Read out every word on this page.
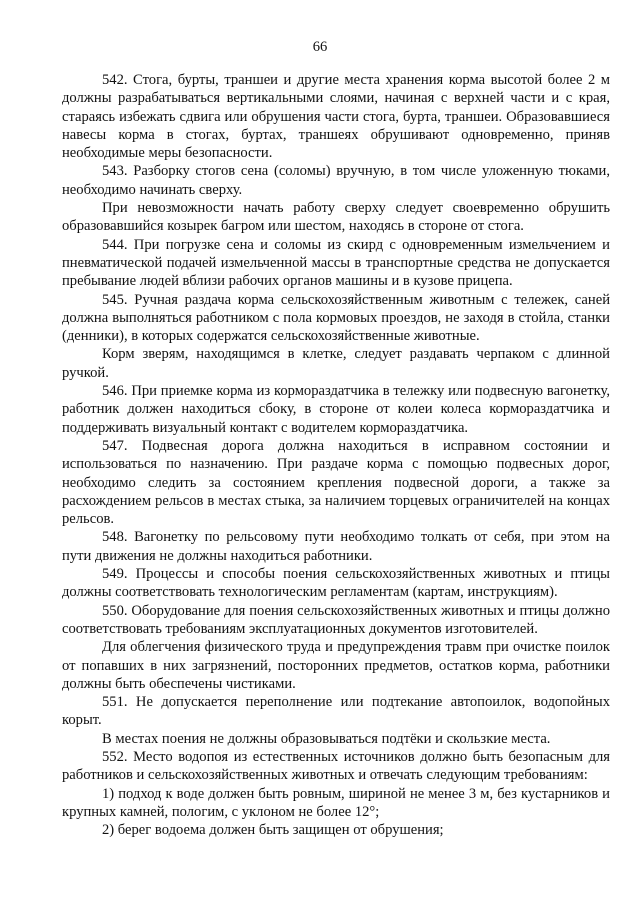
66

542. Стога, бурты, траншеи и другие места хранения корма высотой более 2 м должны разрабатываться вертикальными слоями, начиная с верхней части и с края, стараясь избежать сдвига или обрушения части стога, бурта, траншеи. Образовавшиеся навесы корма в стогах, буртах, траншеях обрушивают одновременно, приняв необходимые меры безопасности.

543. Разборку стогов сена (соломы) вручную, в том числе уложенную тюками, необходимо начинать сверху.

При невозможности начать работу сверху следует своевременно обрушить образовавшийся козырек багром или шестом, находясь в стороне от стога.

544. При погрузке сена и соломы из скирд с одновременным измельчением и пневматической подачей измельченной массы в транспортные средства не допускается пребывание людей вблизи рабочих органов машины и в кузове прицепа.

545. Ручная раздача корма сельскохозяйственным животным с тележек, саней должна выполняться работником с пола кормовых проездов, не заходя в стойла, станки (денники), в которых содержатся сельскохозяйственные животные.

Корм зверям, находящимся в клетке, следует раздавать черпаком с длинной ручкой.

546. При приемке корма из кормораздатчика в тележку или подвесную вагонетку, работник должен находиться сбоку, в стороне от колеи колеса кормораздатчика и поддерживать визуальный контакт с водителем кормораздатчика.

547. Подвесная дорога должна находиться в исправном состоянии и использоваться по назначению. При раздаче корма с помощью подвесных дорог, необходимо следить за состоянием крепления подвесной дороги, а также за расхождением рельсов в местах стыка, за наличием торцевых ограничителей на концах рельсов.

548. Вагонетку по рельсовому пути необходимо толкать от себя, при этом на пути движения не должны находиться работники.

549. Процессы и способы поения сельскохозяйственных животных и птицы должны соответствовать технологическим регламентам (картам, инструкциям).

550. Оборудование для поения сельскохозяйственных животных и птицы должно соответствовать требованиям эксплуатационных документов изготовителей.

Для облегчения физического труда и предупреждения травм при очистке поилок от попавших в них загрязнений, посторонних предметов, остатков корма, работники должны быть обеспечены чистиками.

551. Не допускается переполнение или подтекание автопоилок, водопойных корыт.

В местах поения не должны образовываться подтёки и скользкие места.

552. Место водопоя из естественных источников должно быть безопасным для работников и сельскохозяйственных животных и отвечать следующим требованиям:

1) подход к воде должен быть ровным, шириной не менее 3 м, без кустарников и крупных камней, пологим, с уклоном не более 12°;

2) берег водоема должен быть защищен от обрушения;
